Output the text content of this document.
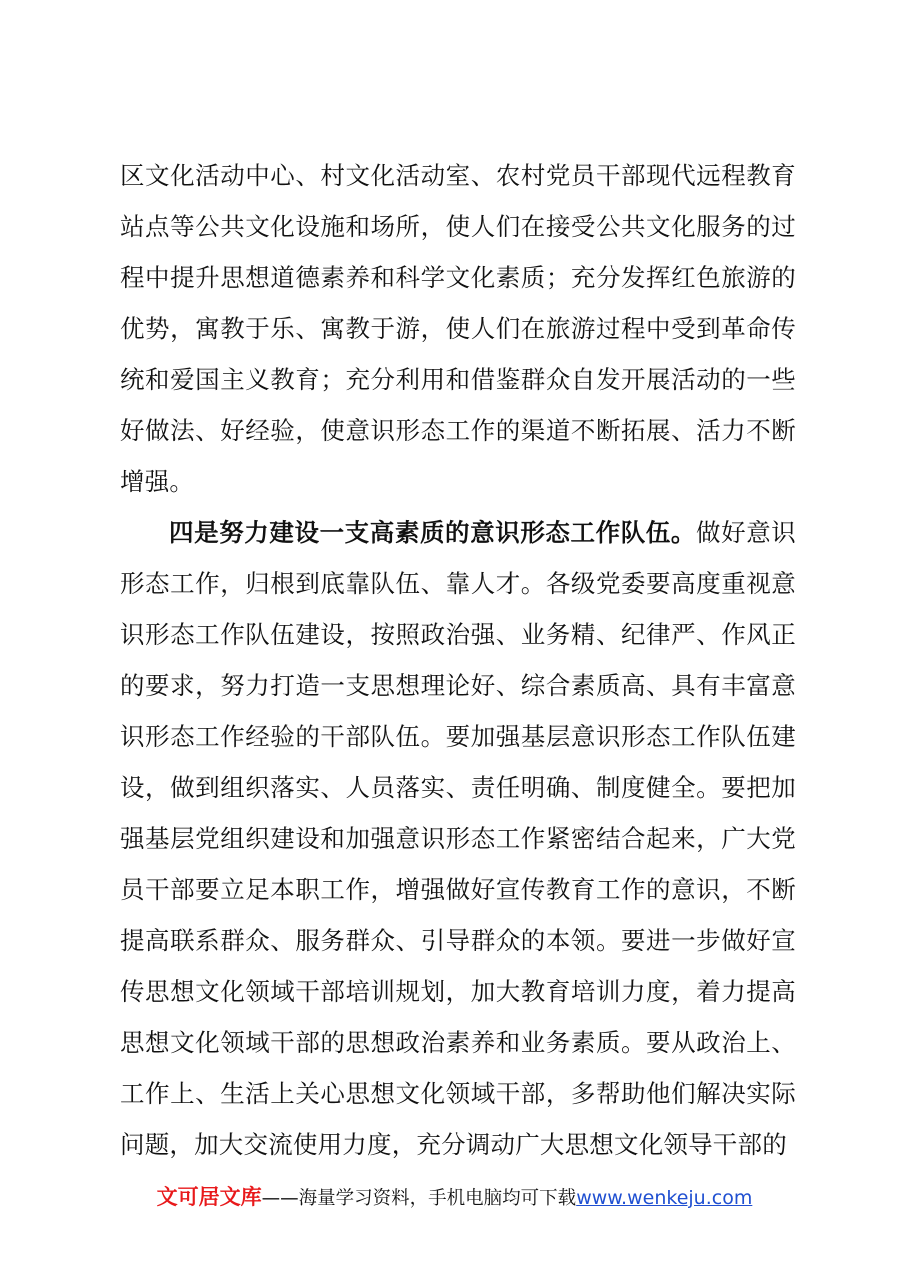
区文化活动中心、村文化活动室、农村党员干部现代远程教育站点等公共文化设施和场所，使人们在接受公共文化服务的过程中提升思想道德素养和科学文化素质；充分发挥红色旅游的优势，寓教于乐、寓教于游，使人们在旅游过程中受到革命传统和爱国主义教育；充分利用和借鉴群众自发开展活动的一些好做法、好经验，使意识形态工作的渠道不断拓展、活力不断增强。

四是努力建设一支高素质的意识形态工作队伍。做好意识形态工作，归根到底靠队伍、靠人才。各级党委要高度重视意识形态工作队伍建设，按照政治强、业务精、纪律严、作风正的要求，努力打造一支思想理论好、综合素质高、具有丰富意识形态工作经验的干部队伍。要加强基层意识形态工作队伍建设，做到组织落实、人员落实、责任明确、制度健全。要把加强基层党组织建设和加强意识形态工作紧密结合起来，广大党员干部要立足本职工作，增强做好宣传教育工作的意识，不断提高联系群众、服务群众、引导群众的本领。要进一步做好宣传思想文化领域干部培训规划，加大教育培训力度，着力提高思想文化领域干部的思想政治素养和业务素质。要从政治上、工作上、生活上关心思想文化领域干部，多帮助他们解决实际问题，加大交流使用力度，充分调动广大思想文化领导干部的

文可居文库——海量学习资料，手机电脑均可下载www.wenkeju.com
